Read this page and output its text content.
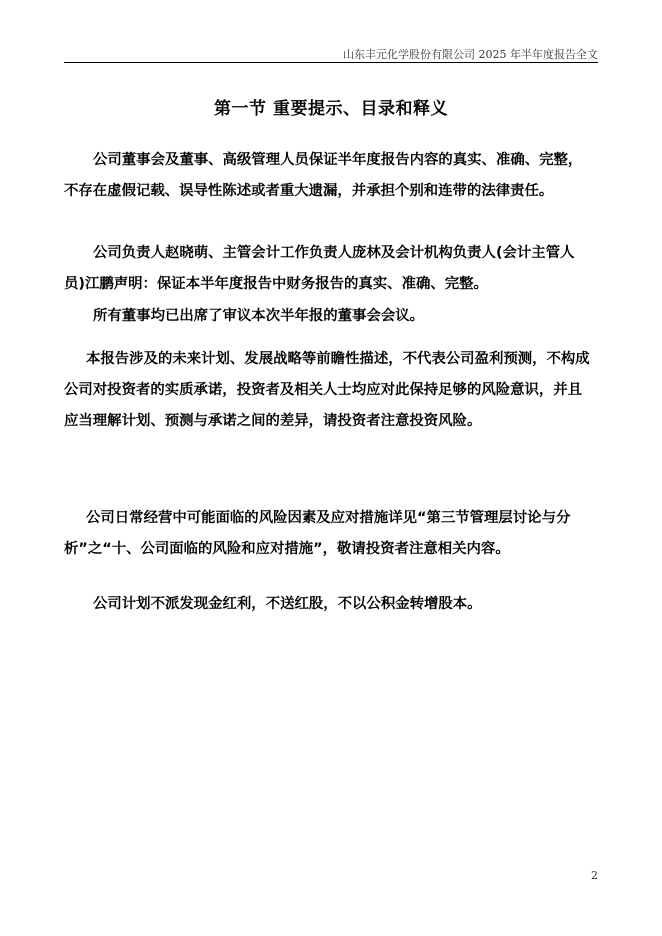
山东丰元化学股份有限公司 2025 年半年度报告全文
第一节 重要提示、目录和释义

公司董事会及董事、高级管理人员保证半年度报告内容的真实、准确、完整，不存在虚假记载、误导性陈述或者重大遗漏，并承担个别和连带的法律责任。

公司负责人赵晓萌、主管会计工作负责人庞林及会计机构负责人(会计主管人员)江鹏声明：保证本半年度报告中财务报告的真实、准确、完整。

所有董事均已出席了审议本次半年报的董事会会议。

本报告涉及的未来计划、发展战略等前瞻性描述，不代表公司盈利预测，不构成公司对投资者的实质承诺，投资者及相关人士均应对此保持足够的风险意识，并且应当理解计划、预测与承诺之间的差异，请投资者注意投资风险。

公司日常经营中可能面临的风险因素及应对措施详见“第三节管理层讨论与分析”之“十、公司面临的风险和应对措施”，敬请投资者注意相关内容。

公司计划不派发现金红利，不送红股，不以公积金转增股本。

2
